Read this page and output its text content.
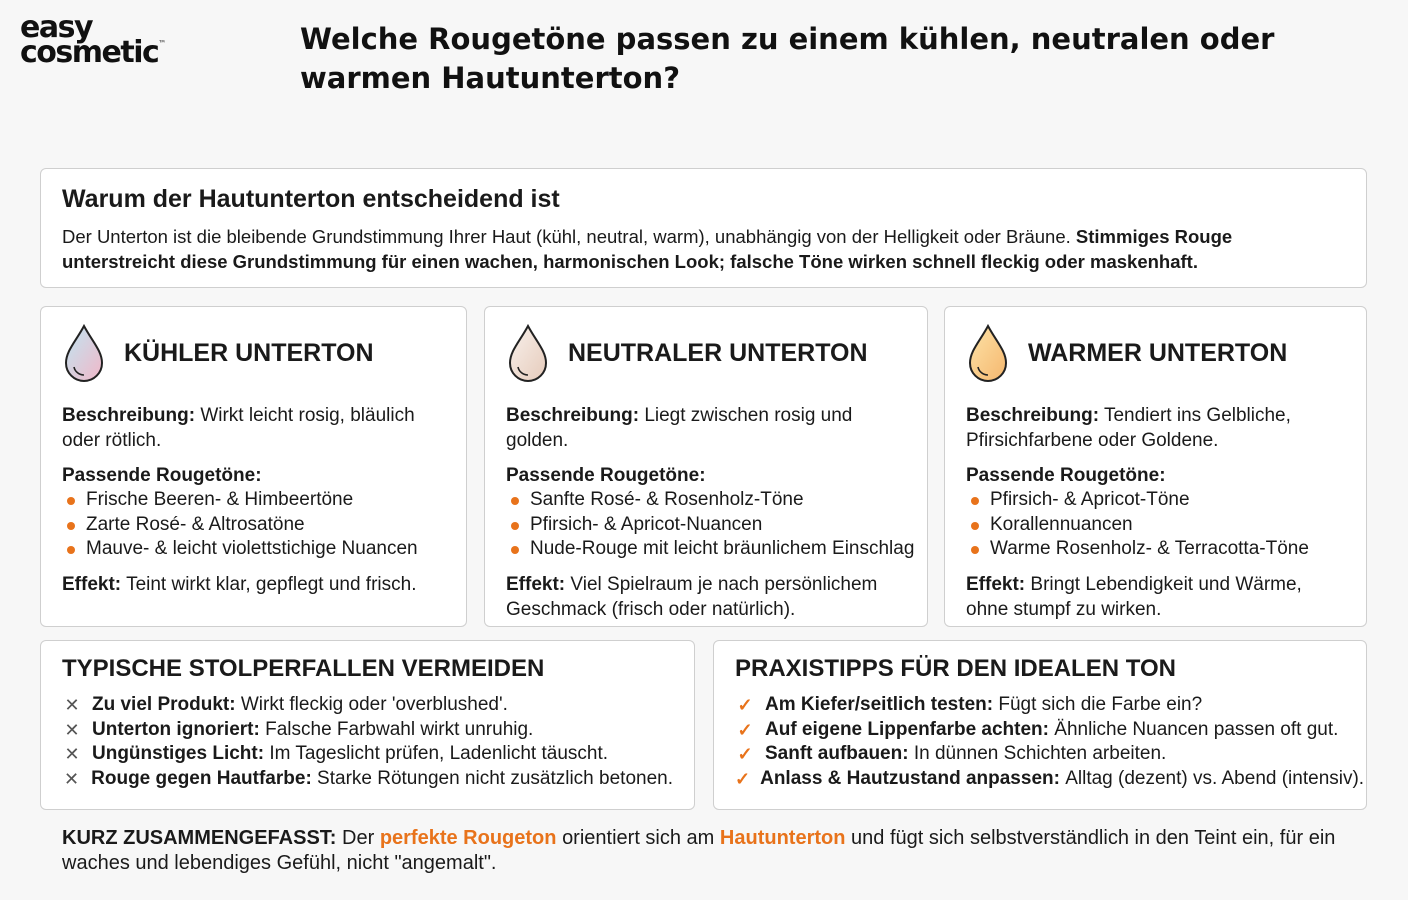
easy
cosmetic™	Welche Rougetöne passen zu einem kühlen, neutralen oder warmen Hautunterton?
Warum der Hautunterton entscheidend ist

Der Unterton ist die bleibende Grundstimmung Ihrer Haut (kühl, neutral, warm), unabhängig von der Helligkeit oder Bräune. Stimmiges Rouge unterstreicht diese Grundstimmung für einen wachen, harmonischen Look; falsche Töne wirken schnell fleckig oder maskenhaft.

KÜHLER UNTERTON

Beschreibung: Wirkt leicht rosig, bläulich oder rötlich.

Passende Rougetöne:

Frische Beeren- & Himbeertöne
Zarte Rosé- & Altrosatöne
Mauve- & leicht violettstichige Nuancen

Effekt: Teint wirkt klar, gepflegt und frisch.

NEUTRALER UNTERTON

Beschreibung: Liegt zwischen rosig und golden.

Passende Rougetöne:

Sanfte Rosé- & Rosenholz-Töne
Pfirsich- & Apricot-Nuancen
Nude-Rouge mit leicht bräunlichem Einschlag

Effekt: Viel Spielraum je nach persönlichem Geschmack (frisch oder natürlich).

WARMER UNTERTON

Beschreibung: Tendiert ins Gelbliche, Pfirsichfarbene oder Goldene.

Passende Rougetöne:

Pfirsich- & Apricot-Töne
Korallennuancen
Warme Rosenholz- & Terracotta-Töne

Effekt: Bringt Lebendigkeit und Wärme, ohne stumpf zu wirken.

TYPISCHE STOLPERFALLEN VERMEIDEN
✕ Zu viel Produkt:
Wirkt fleckig oder 'overblushed'.
✕ Unterton ignoriert:
Falsche Farbwahl wirkt unruhig.
✕ Ungünstiges Licht:
Im Tageslicht prüfen, Ladenlicht täuscht.
✕ Rouge gegen Hautfarbe:
Starke Rötungen nicht zusätzlich betonen.
PRAXISTIPPS FÜR DEN IDEALEN TON
✓ Am Kiefer/seitlich testen:
Fügt sich die Farbe ein?
✓ Auf eigene Lippenfarbe achten:
Ähnliche Nuancen passen oft gut.
✓ Sanft aufbauen:
In dünnen Schichten arbeiten.
✓ Anlass & Hautzustand anpassen:
Alltag (dezent) vs. Abend (intensiv).
KURZ ZUSAMMENGEFASST: Der perfekte Rougeton orientiert sich am Hautunterton und fügt sich selbstverständlich in den Teint ein, für ein waches und lebendiges Gefühl, nicht "angemalt".
